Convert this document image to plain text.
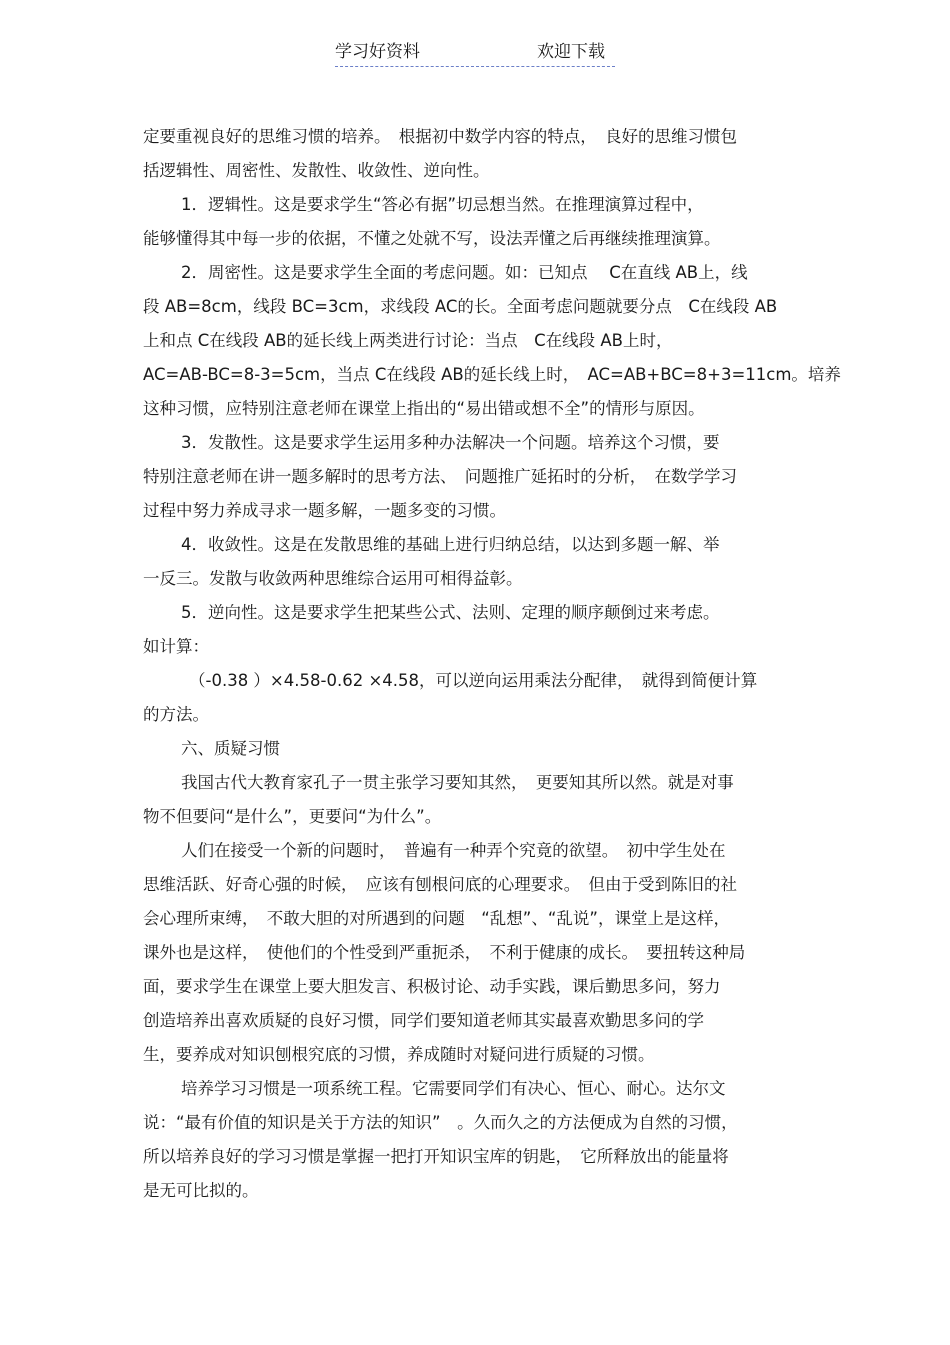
学习好资料	欢迎下载
定要重视良好的思维习惯的培养。　根据初中数学内容的特点，　良好的思维习惯包
括逻辑性、周密性、发散性、收敛性、逆向性。
1．逻辑性。这是要求学生“答必有据”切忌想当然。在推理演算过程中，
能够懂得其中每一步的依据，不懂之处就不写，设法弄懂之后再继续推理演算。
2．周密性。这是要求学生全面的考虑问题。如：已知点　 C在直线 AB上，线
段 AB=8cm，线段 BC=3cm，求线段 AC的长。全面考虑问题就要分点　C在线段 AB
上和点 C在线段 AB的延长线上两类进行讨论：当点　C在线段 AB上时，
AC=AB-BC=8-3=5cm，当点 C在线段 AB的延长线上时，　AC=AB+BC=8+3=11cm。培养
这种习惯，应特别注意老师在课堂上指出的“易出错或想不全”的情形与原因。
3．发散性。这是要求学生运用多种办法解决一个问题。培养这个习惯，要
特别注意老师在讲一题多解时的思考方法、　问题推广延拓时的分析，　在数学学习
过程中努力养成寻求一题多解，一题多变的习惯。
4．收敛性。这是在发散思维的基础上进行归纳总结，以达到多题一解、举
一反三。发散与收敛两种思维综合运用可相得益彰。
5．逆向性。这是要求学生把某些公式、法则、定理的顺序颠倒过来考虑。
如计算：
（-0.38 ）×4.58-0.62 ×4.58，可以逆向运用乘法分配律，　就得到简便计算
的方法。
六、质疑习惯
我国古代大教育家孔子一贯主张学习要知其然，　更要知其所以然。就是对事
物不但要问“是什么”，更要问“为什么”。
人们在接受一个新的问题时，　普遍有一种弄个究竟的欲望。　初中学生处在
思维活跃、好奇心强的时候，　应该有刨根问底的心理要求。　但由于受到陈旧的社
会心理所束缚，　不敢大胆的对所遇到的问题　“乱想”、“乱说”，课堂上是这样，
课外也是这样，　使他们的个性受到严重扼杀，　不利于健康的成长。　要扭转这种局
面，要求学生在课堂上要大胆发言、积极讨论、动手实践，课后勤思多问，努力
创造培养出喜欢质疑的良好习惯，同学们要知道老师其实最喜欢勤思多问的学
生，要养成对知识刨根究底的习惯，养成随时对疑问进行质疑的习惯。
培养学习习惯是一项系统工程。它需要同学们有决心、恒心、耐心。达尔文
说：“最有价值的知识是关于方法的知识”　。久而久之的方法便成为自然的习惯，
所以培养良好的学习习惯是掌握一把打开知识宝库的钥匙，　它所释放出的能量将
是无可比拟的。
